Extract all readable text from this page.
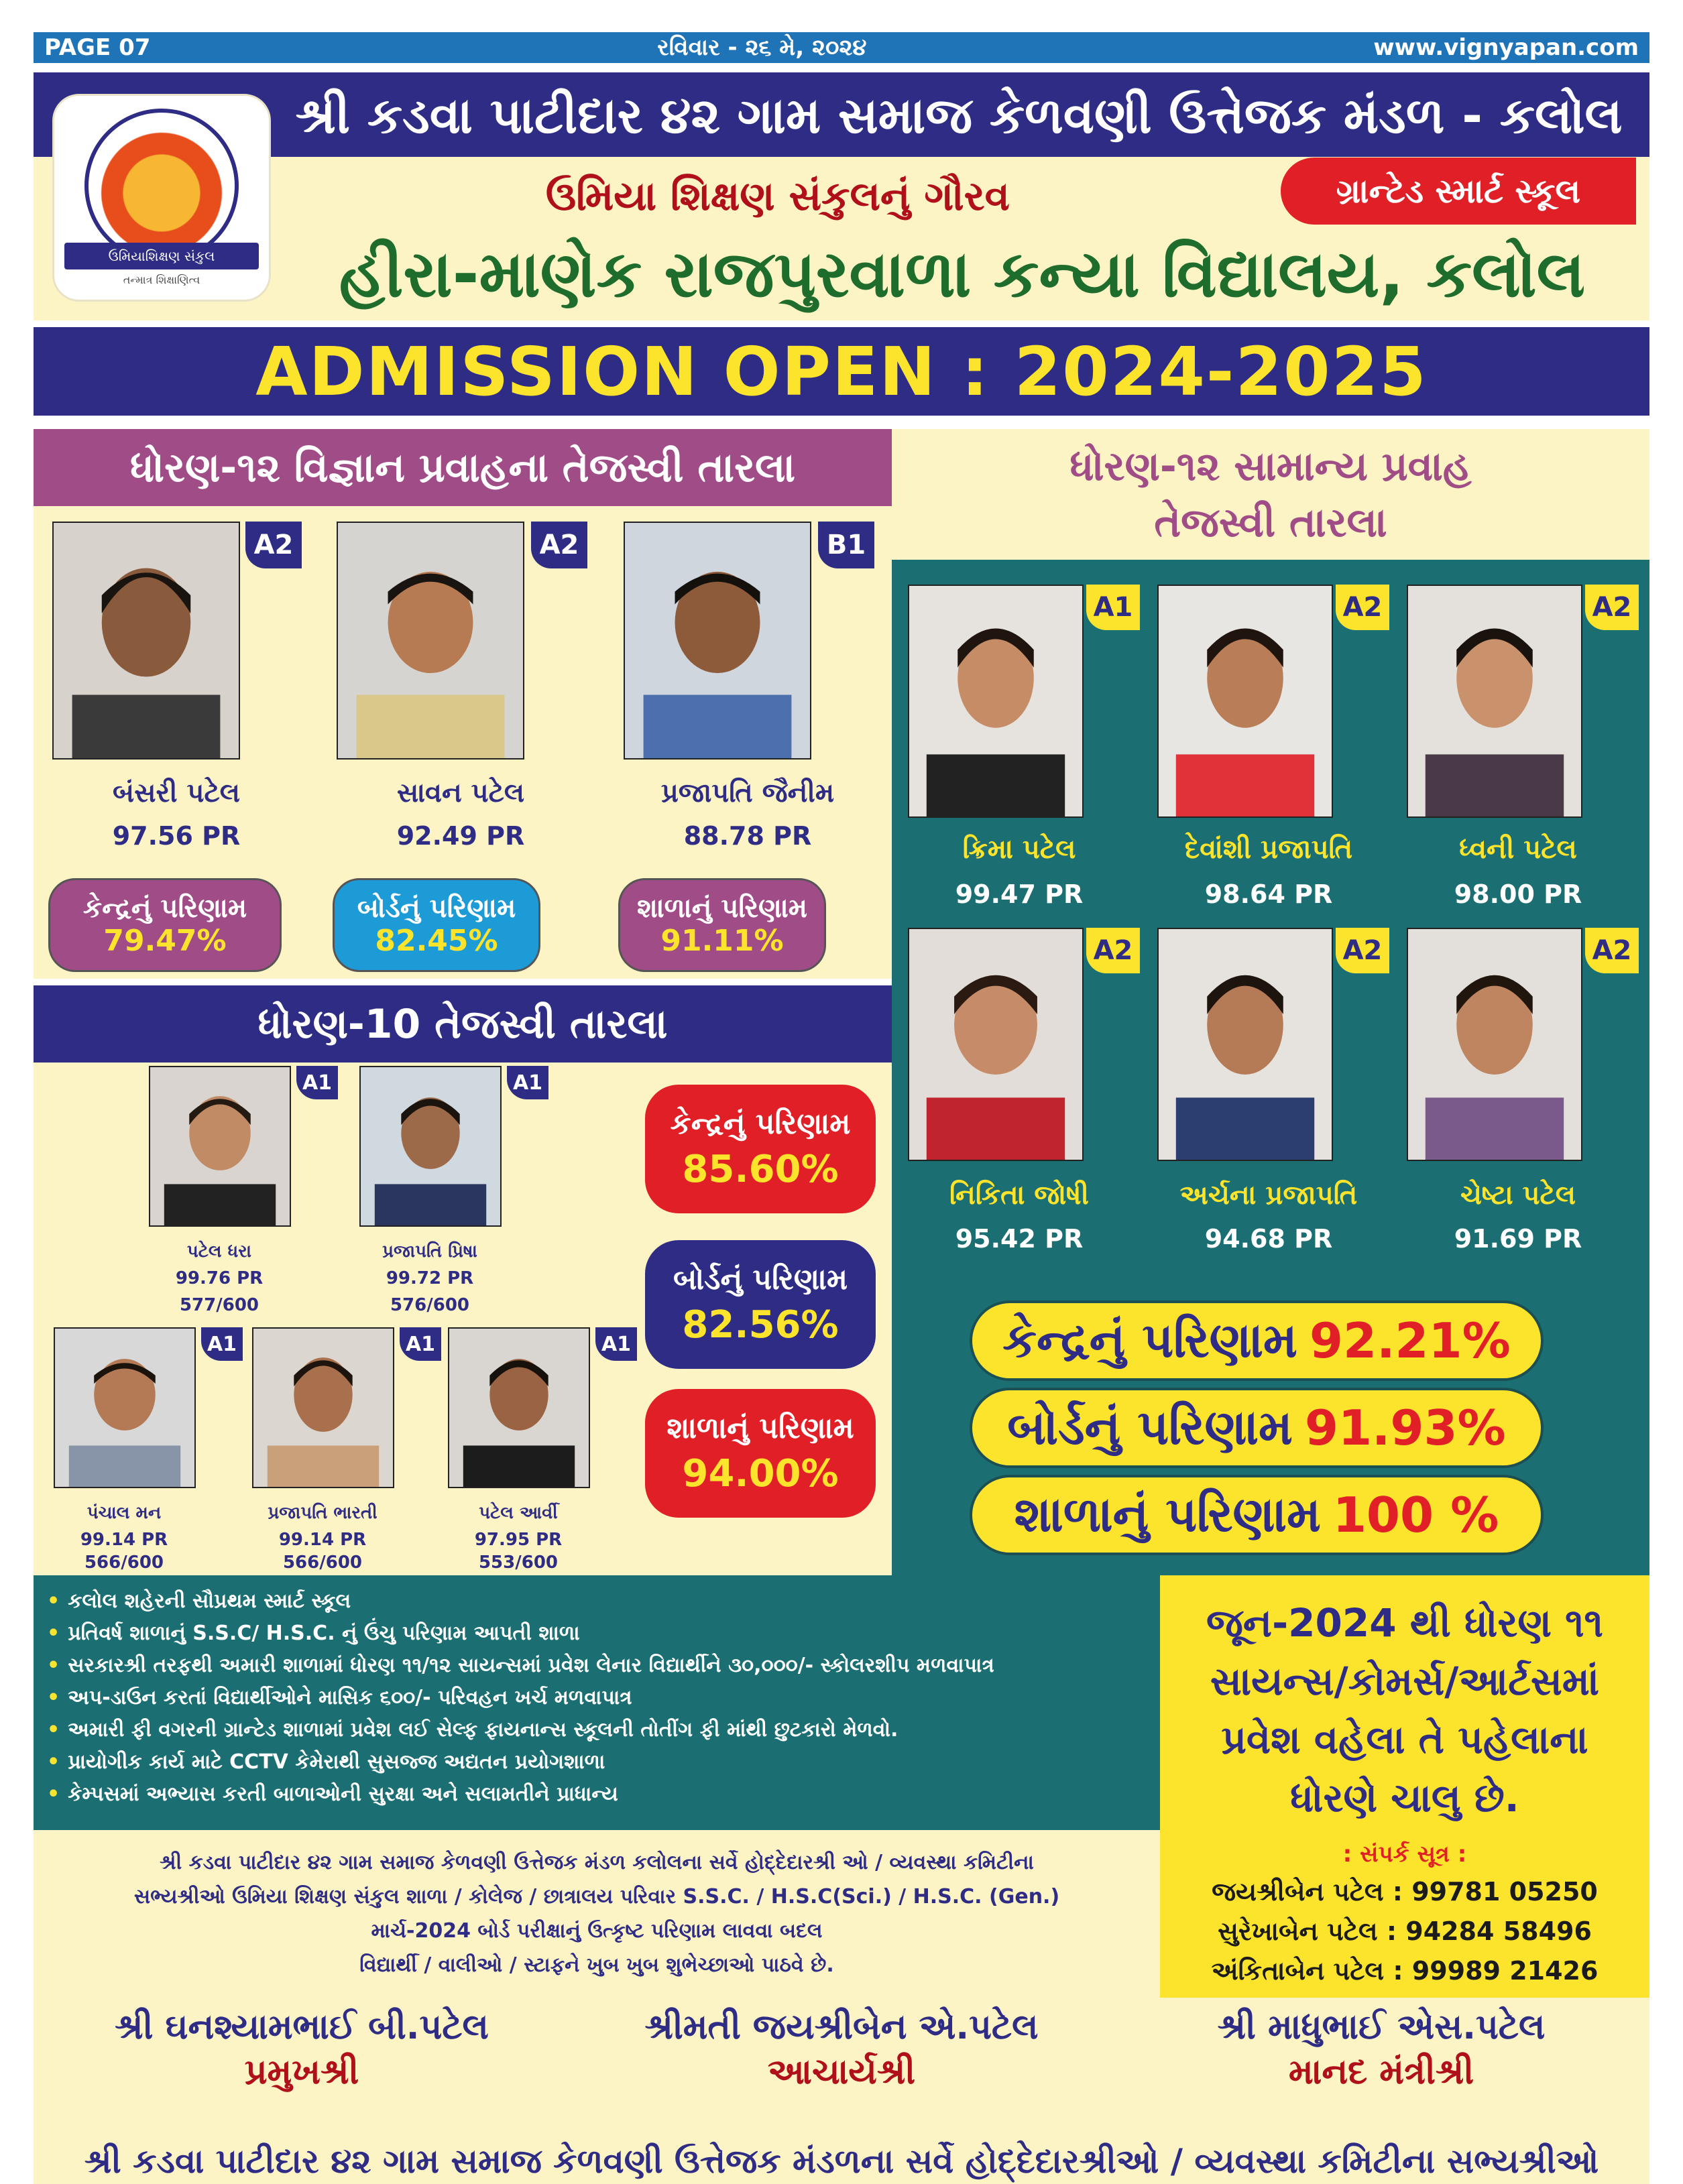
PAGE 07	રવિવાર - ૨૬ મે, ૨૦૨૪	www.vignyapan.com
ઉમિયાશિક્ષણ સંકુલ
તન્માત્ર શિક્ષાણિત્વ
શ્રી કડવા પાટીદાર ૪૨ ગામ સમાજ કેળવણી ઉત્તેજક મંડળ - કલોલ
ઉમિયા શિક્ષણ સંકુલનું ગૌરવ	ગ્રાન્ટેડ સ્માર્ટ સ્કૂલ
હીરા-માણેક રાજપુરવાળા કન્યા વિદ્યાલય, કલોલ
ADMISSION OPEN : 2024-2025
ધોરણ-૧૨ વિજ્ઞાન પ્રવાહના તેજસ્વી તારલા
A2
બંસરી પટેલ
97.56 PR
A2
સાવન પટેલ
92.49 PR
B1
પ્રજાપતિ જૈનીમ
88.78 PR
કેન્દ્રનું પરિણામ
79.47%
બોર્ડનું પરિણામ
82.45%
શાળાનું પરિણામ
91.11%
ધોરણ-10 તેજસ્વી તારલા
A1
પટેલ ધરા
99.76 PR
577/600
A1
પ્રજાપતિ પ્રિષા
99.72 PR
576/600
A1
પંચાલ મન
99.14 PR
566/600
A1
પ્રજાપતિ ભારતી
99.14 PR
566/600
A1
પટેલ આર્વી
97.95 PR
553/600
કેન્દ્રનું પરિણામ
85.60%
બોર્ડનું પરિણામ
82.56%
શાળાનું પરિણામ
94.00%
ધોરણ-૧૨ સામાન્ય પ્રવાહ
તેજસ્વી તારલા
A1
ક્રિમા પટેલ
99.47 PR
A2
દેવાંશી પ્રજાપતિ
98.64 PR
A2
ધ્વની પટેલ
98.00 PR
A2
નિકિતા જોષી
95.42 PR
A2
અર્ચના પ્રજાપતિ
94.68 PR
A2
ચેષ્ટા પટેલ
91.69 PR
કેન્દ્રનું પરિણામ 92.21%
બોર્ડનું પરિણામ 91.93%
શાળાનું પરિણામ 100 %
• કલોલ શહેરની સૌપ્રથમ સ્માર્ટ સ્કૂલ
• પ્રતિવર્ષ શાળાનું S.S.C/ H.S.C. નું ઉંચુ પરિણામ આપતી શાળા
• સરકારશ્રી તરફથી અમારી શાળામાં ધોરણ ૧૧/૧૨ સાયન્સમાં પ્રવેશ લેનાર વિદ્યાર્થીને ૩૦,૦૦૦/- સ્કોલરશીપ મળવાપાત્ર
• અપ-ડાઉન કરતાં વિદ્યાર્થીઓને માસિક ૬૦૦/- પરિવહન ખર્ચ મળવાપાત્ર
• અમારી ફી વગરની ગ્રાન્ટેડ શાળામાં પ્રવેશ લઈ સેલ્ફ ફાયનાન્સ સ્કૂલની તોતીંગ ફી માંથી છુટકારો મેળવો.
• પ્રાયોગીક કાર્ય માટે CCTV કેમેરાથી સુસજ્જ અદ્યતન પ્રયોગશાળા
• કેમ્પસમાં અભ્યાસ કરતી બાળાઓની સુરક્ષા અને સલામતીને પ્રાધાન્ય
જૂન-2024 થી ધોરણ ૧૧
સાયન્સ/કોમર્સ/આર્ટસમાં
પ્રવેશ વહેલા તે પહેલાના
ધોરણે ચાલુ છે.
: સંપર્ક સૂત્ર :
જયશ્રીબેન પટેલ : 99781 05250
સુરેખાબેન પટેલ : 94284 58496
અંકિતાબેન પટેલ : 99989 21426
શ્રી કડવા પાટીદાર ૪૨ ગામ સમાજ કેળવણી ઉત્તેજક મંડળ કલોલના સર્વે હોદ્દેદારશ્રી ઓ / વ્યવસ્થા કમિટીના
સભ્યશ્રીઓ ઉમિયા શિક્ષણ સંકુલ શાળા / કોલેજ / છાત્રાલય પરિવાર S.S.C. / H.S.C(Sci.) / H.S.C. (Gen.)
માર્ચ-2024 બોર્ડ પરીક્ષાનું ઉત્કૃષ્ટ પરિણામ લાવવા બદલ
વિદ્યાર્થી / વાલીઓ / સ્ટાફને ખુબ ખુબ શુભેચ્છાઓ પાઠવે છે.
શ્રી ઘનશ્યામભાઈ બી.પટેલ
પ્રમુખશ્રી
શ્રીમતી જયશ્રીબેન એ.પટેલ
આચાર્યશ્રી
શ્રી માધુભાઈ એસ.પટેલ
માનદ મંત્રીશ્રી
શ્રી કડવા પાટીદાર ૪૨ ગામ સમાજ કેળવણી ઉત્તેજક મંડળના સર્વે હોદ્દેદારશ્રીઓ / વ્યવસ્થા કમિટીના સભ્યશ્રીઓ
